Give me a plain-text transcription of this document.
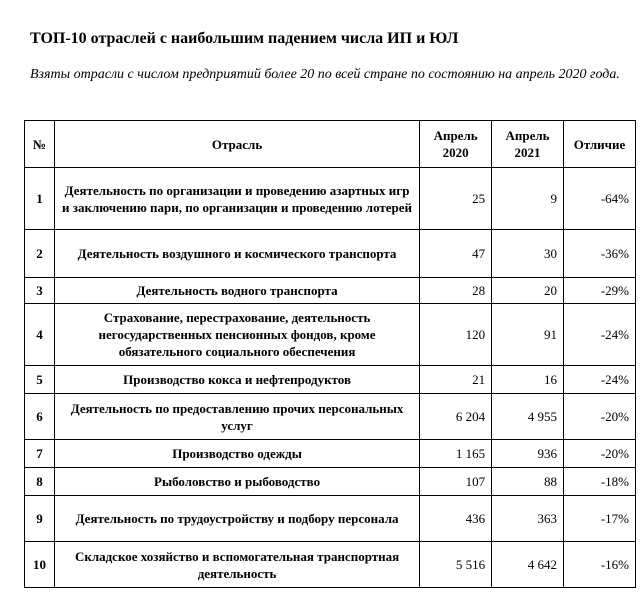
ТОП-10 отраслей с наибольшим падением числа ИП и ЮЛ
Взяты отрасли с числом предприятий более 20 по всей стране по состоянию на апрель 2020 года.
№	Отрасль	Апрель 2020	Апрель 2021	Отличие
1	Деятельность по организации и проведению азартных игр и заключению пари, по организации и проведению лотерей	25	9	-64%
2	Деятельность воздушного и космического транспорта	47	30	-36%
3	Деятельность водного транспорта	28	20	-29%
4	Страхование, перестрахование, деятельность негосударственных пенсионных фондов, кроме обязательного социального обеспечения	120	91	-24%
5	Производство кокса и нефтепродуктов	21	16	-24%
6	Деятельность по предоставлению прочих персональных услуг	6 204	4 955	-20%
7	Производство одежды	1 165	936	-20%
8	Рыболовство и рыбоводство	107	88	-18%
9	Деятельность по трудоустройству и подбору персонала	436	363	-17%
10	Складское хозяйство и вспомогательная транспортная деятельность	5 516	4 642	-16%
